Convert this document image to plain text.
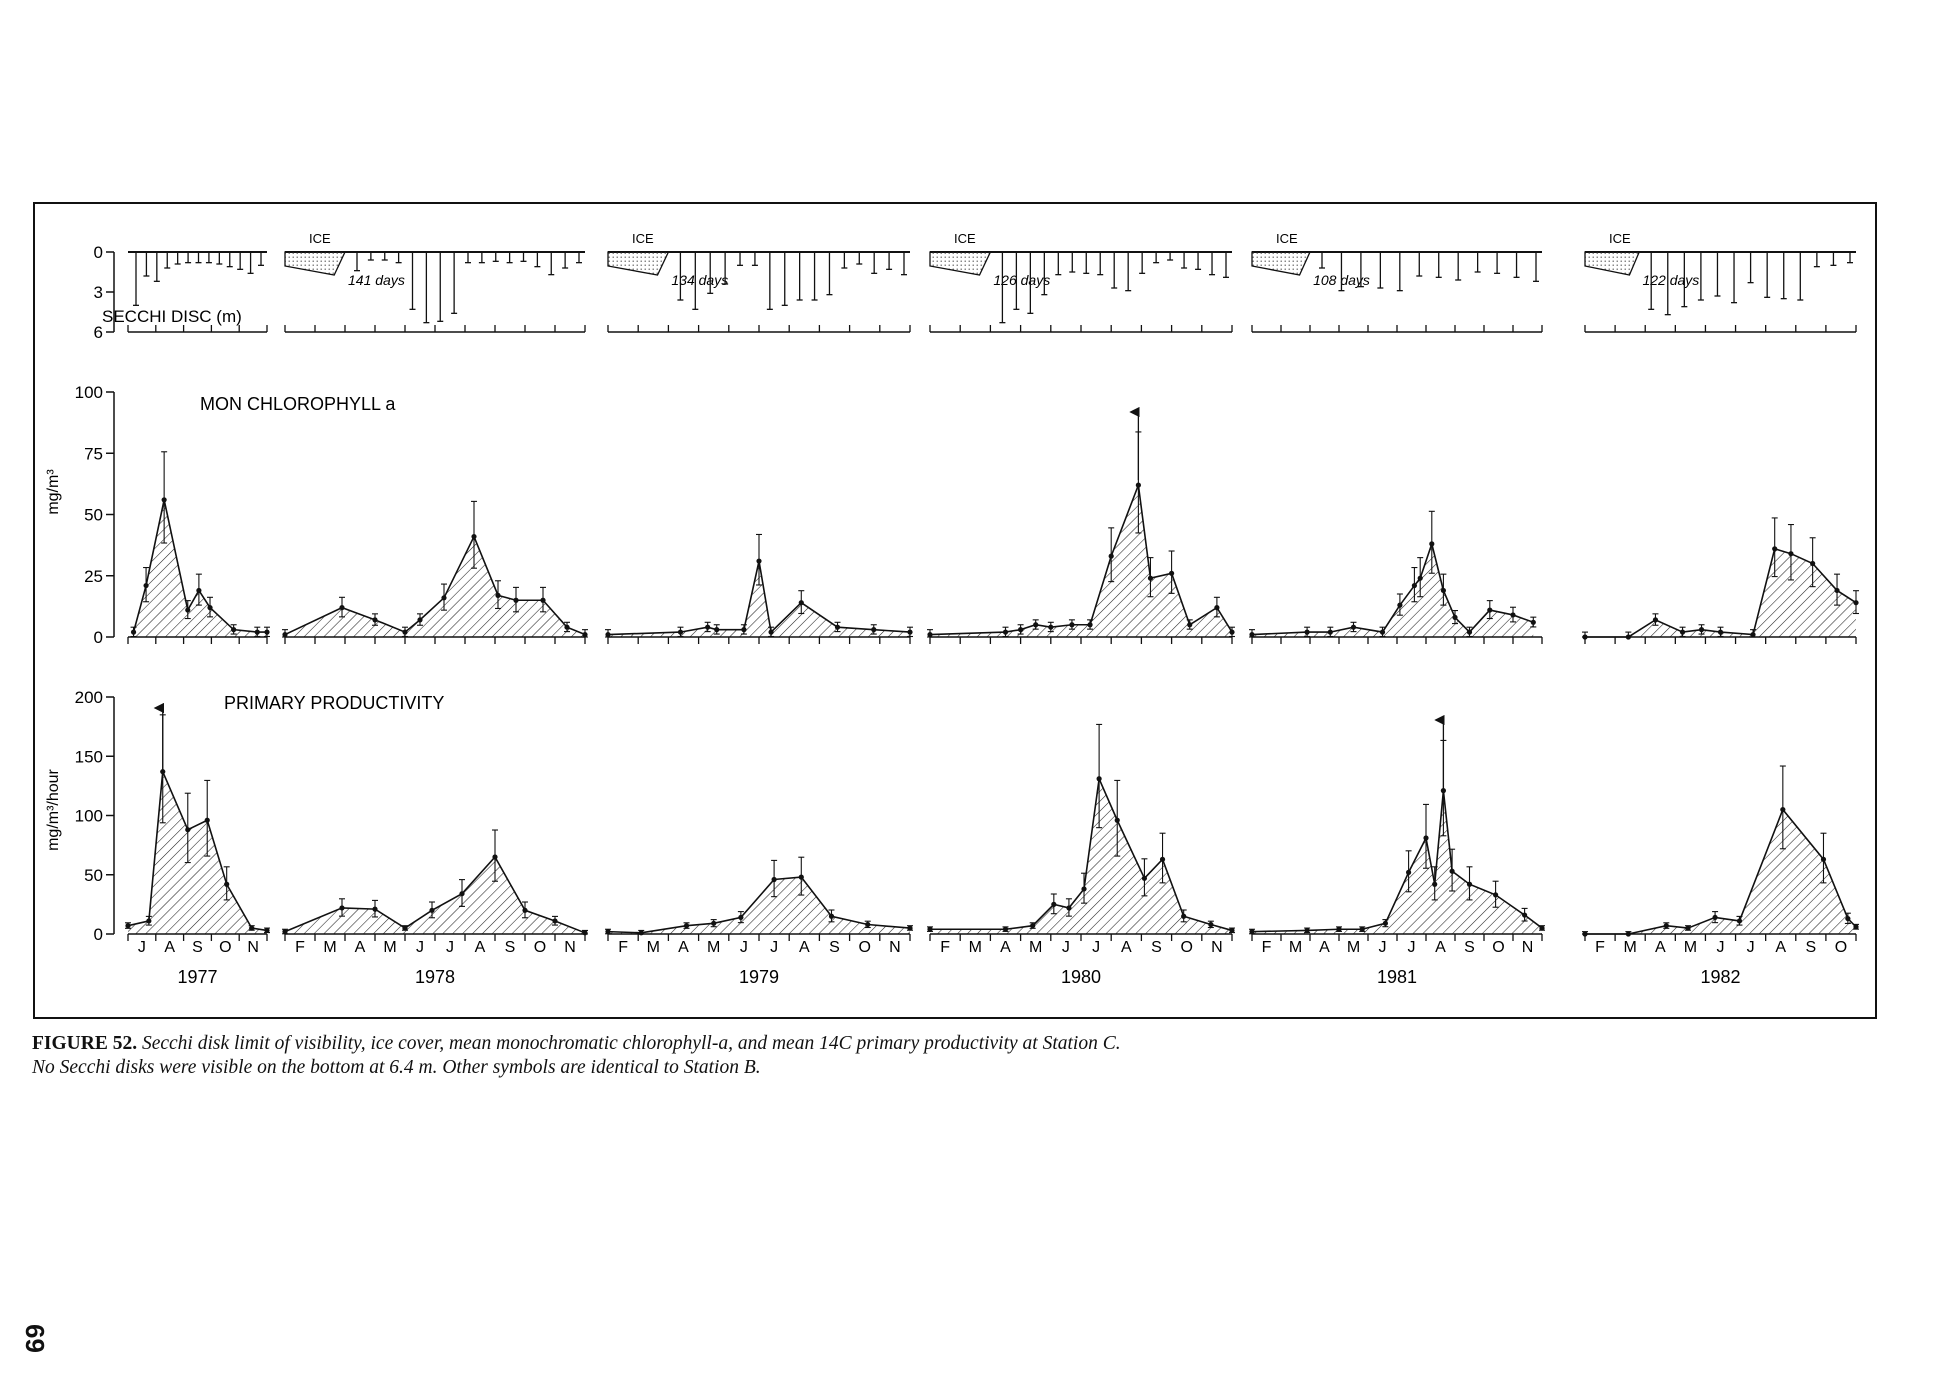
0
3
6
ICE
141 days
ICE
134 days
ICE
126 days
ICE
108 days
ICE
122 days
0
25
50
75
100
0
50
100
150
200
J A S O N
1977
F M A M J J A S O N
1978
F M A M J J A S O N
1979
F M A M J J A S O N
1980
F M A M J J A S O N
1981
F M A M J J A S O
1982
SECCHI DISC (m)
MON CHLOROPHYLL a
PRIMARY PRODUCTIVITY
mg/m³
mg/m³/hour

FIGURE 52. Secchi disk limit of visibility, ice cover, mean monochromatic chlorophyll-a, and mean 14C primary productivity at Station C. No Secchi disks were visible on the bottom at 6.4 m. Other symbols are identical to Station B.

69
